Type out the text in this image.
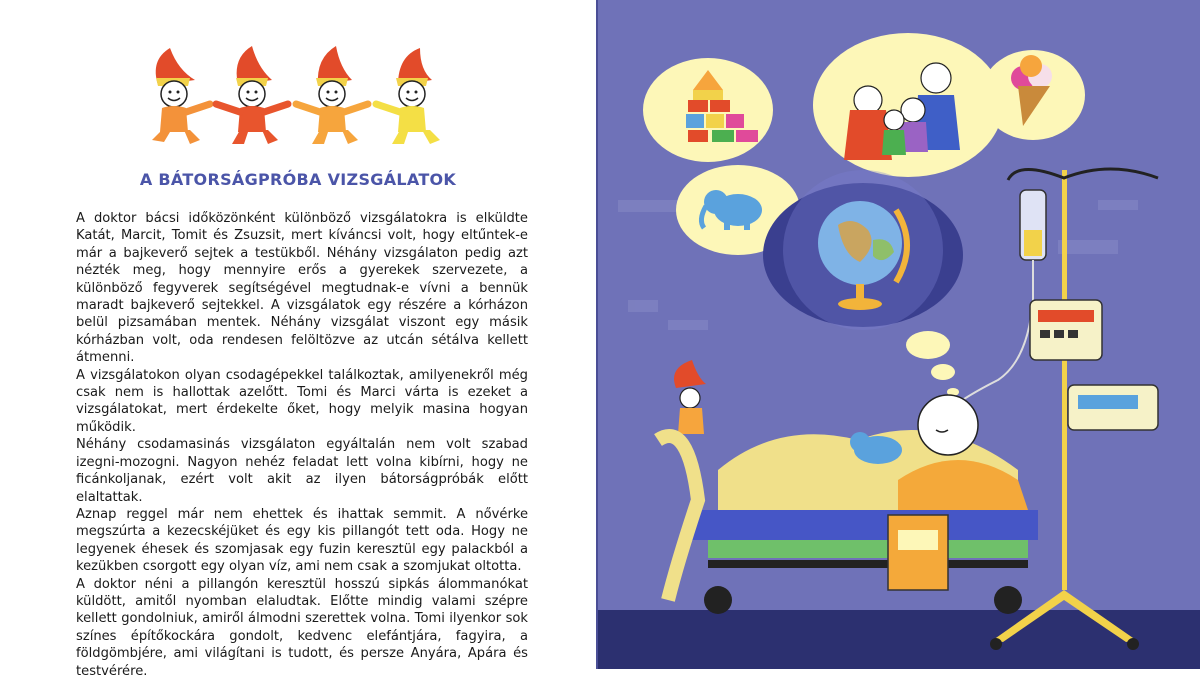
A BÁTORSÁGPRÓBA VIZSGÁLATOK

A doktor bácsi időközönként különböző vizsgálatokra is elküldte Katát, Marcit, Tomit és Zsuzsit, mert kíváncsi volt, hogy eltűntek-e már a bajkeverő sejtek a testükből. Néhány vizsgálaton pedig azt nézték meg, hogy mennyire erős a gyerekek szervezete, a különböző fegyverek segítségével megtudnak-e vívni a bennük maradt bajkeverő sejtekkel. A vizsgálatok egy részére a kórházon belül pizsamában mentek. Néhány vizsgálat viszont egy másik kórházban volt, oda rendesen felöltözve az utcán sétálva kellett átmenni.

A vizsgálatokon olyan csodagépekkel találkoztak, amilyenekről még csak nem is hallottak azelőtt. Tomi és Marci várta is ezeket a vizsgálatokat, mert érdekelte őket, hogy melyik masina hogyan működik.

Néhány csodamasinás vizsgálaton egyáltalán nem volt szabad izegni-mozogni. Nagyon nehéz feladat lett volna kibírni, hogy ne ficánkoljanak, ezért volt akit az ilyen bátorságpróbák előtt elaltattak.

Aznap reggel már nem ehettek és ihattak semmit. A nővérke megszúrta a kezecskéjüket és egy kis pillangót tett oda. Hogy ne legyenek éhesek és szomjasak egy fuzin keresztül egy palackból a kezükben csorgott egy olyan víz, ami nem csak a szomjukat oltotta.

A doktor néni a pillangón keresztül hosszú sipkás álommanókat küldött, amitől nyomban elaludtak. Előtte mindig valami szépre kellett gondolniuk, amiről álmodni szerettek volna. Tomi ilyenkor sok színes építőkockára gondolt, kedvenc elefántjára, fagyira, a földgömbjére, ami világítani is tudott, és persze Anyára, Apára és testvérére.
